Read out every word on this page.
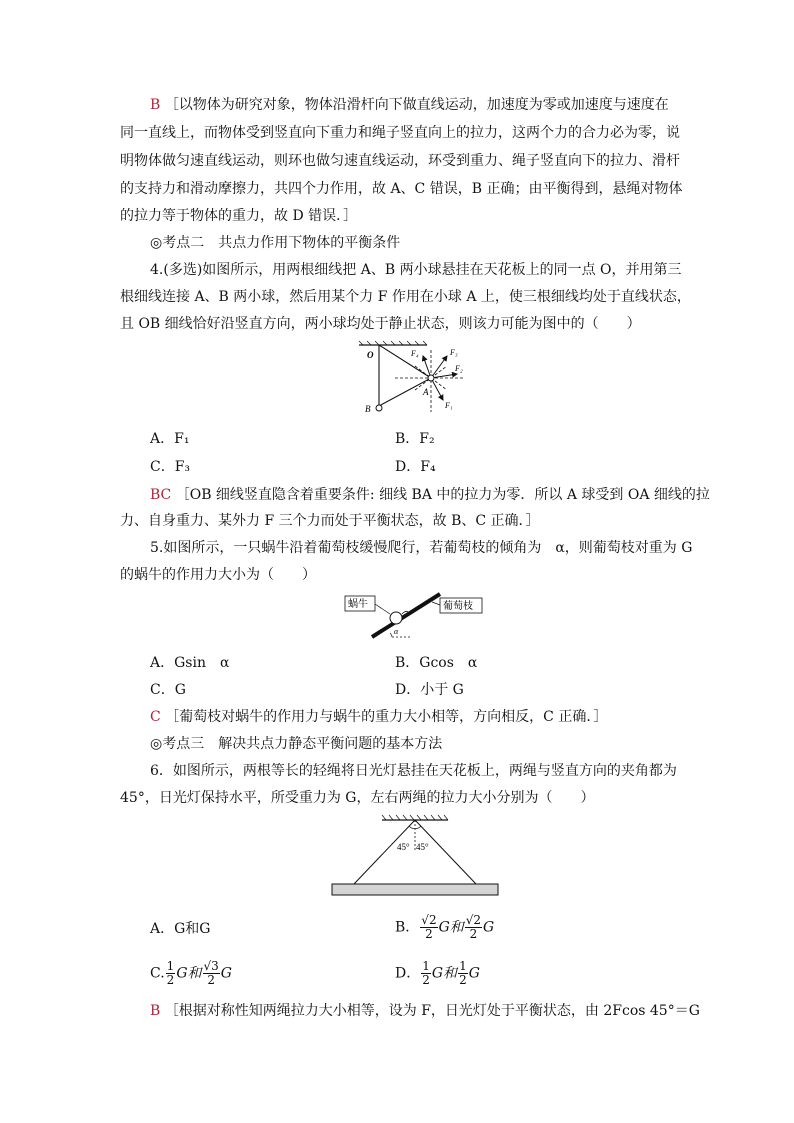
B ［以物体为研究对象，物体沿滑杆向下做直线运动，加速度为零或加速度与速度在
同一直线上，而物体受到竖直向下重力和绳子竖直向上的拉力，这两个力的合力必为零，说
明物体做匀速直线运动，则环也做匀速直线运动，环受到重力、绳子竖直向下的拉力、滑杆
的支持力和滑动摩擦力，共四个力作用，故 A、C 错误，B 正确；由平衡得到，悬绳对物体
的拉力等于物体的重力，故 D 错误．］
◎考点二　共点力作用下物体的平衡条件
4.(多选)如图所示，用两根细线把 A、B 两小球悬挂在天花板上的同一点 O，并用第三
根细线连接 A、B 两小球，然后用某个力 F 作用在小球 A 上，使三根细线均处于直线状态，
且 OB 细线恰好沿竖直方向，两小球均处于静止状态，则该力可能为图中的（　　）
O
A
B
F₄	F₃
F₂
F₁
A．F₁	B．F₂
C．F₃	D．F₄
BC ［OB 细线竖直隐含着重要条件: 细线 BA 中的拉力为零．所以 A 球受到 OA 细线的拉
力、自身重力、某外力 F 三个力而处于平衡状态，故 B、C 正确．］
5.如图所示，一只蜗牛沿着葡萄枝缓慢爬行，若葡萄枝的倾角为　α，则葡萄枝对重为 G
的蜗牛的作用力大小为（　　）
蜗牛	葡萄枝
α
A．Gsin　α	B．Gcos　α
C．G	D．小于 G
C ［葡萄枝对蜗牛的作用力与蜗牛的重力大小相等，方向相反，C 正确．］
◎考点三　解决共点力静态平衡问题的基本方法
6．如图所示，两根等长的轻绳将日光灯悬挂在天花板上，两绳与竖直方向的夹角都为
45°，日光灯保持水平，所受重力为 G，左右两绳的拉力大小分别为（　　）
45° 45°
A．G和G	B． $\frac{√2}{2}$ G和 $\frac{√2}{2}$ G
C. $\frac{1}{2}$ G和 $\frac{√3}{2}$ G	D． $\frac{1}{2}$ G和 $\frac{1}{2}$ G
B ［根据对称性知两绳拉力大小相等，设为 F，日光灯处于平衡状态，由 2Fcos 45°＝G
